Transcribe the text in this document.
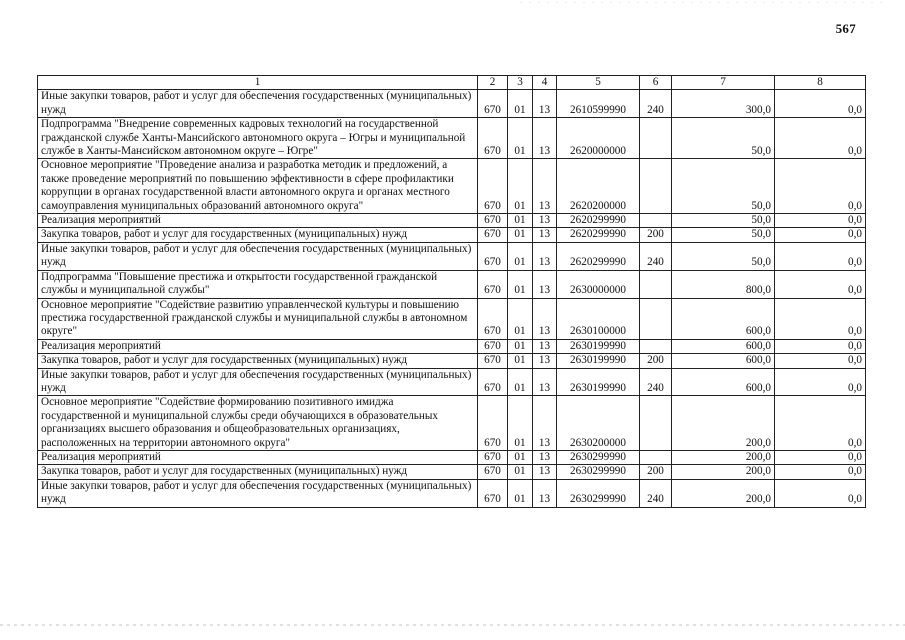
567
1	2	3	4	5	6	7	8
Иные закупки товаров, работ и услуг для обеспечения государственных (муниципальных) нужд	670	01	13	2610599990	240	300,0	0,0
Подпрограмма "Внедрение современных кадровых технологий на государственной гражданской службе Ханты-Мансийского автономного округа – Югры и муниципальной службе в Ханты-Мансийском автономном округе – Югре"	670	01	13	2620000000		50,0	0,0
Основное мероприятие "Проведение анализа и разработка методик и предложений, а также проведение мероприятий по повышению эффективности в сфере профилактики коррупции в органах государственной власти автономного округа и органах местного самоуправления муниципальных образований автономного округа"	670	01	13	2620200000		50,0	0,0
Реализация мероприятий	670	01	13	2620299990		50,0	0,0
Закупка товаров, работ и услуг для государственных (муниципальных) нужд	670	01	13	2620299990	200	50,0	0,0
Иные закупки товаров, работ и услуг для обеспечения государственных (муниципальных) нужд	670	01	13	2620299990	240	50,0	0,0
Подпрограмма "Повышение престижа и открытости государственной гражданской службы и муниципальной службы"	670	01	13	2630000000		800,0	0,0
Основное мероприятие "Содействие развитию управленческой культуры и повышению престижа государственной гражданской службы и муниципальной службы в автономном округе"	670	01	13	2630100000		600,0	0,0
Реализация мероприятий	670	01	13	2630199990		600,0	0,0
Закупка товаров, работ и услуг для государственных (муниципальных) нужд	670	01	13	2630199990	200	600,0	0,0
Иные закупки товаров, работ и услуг для обеспечения государственных (муниципальных) нужд	670	01	13	2630199990	240	600,0	0,0
Основное мероприятие "Содействие формированию позитивного имиджа государственной и муниципальной службы среди обучающихся в образовательных организациях высшего образования и общеобразовательных организациях, расположенных на территории автономного округа"	670	01	13	2630200000		200,0	0,0
Реализация мероприятий	670	01	13	2630299990		200,0	0,0
Закупка товаров, работ и услуг для государственных (муниципальных) нужд	670	01	13	2630299990	200	200,0	0,0
Иные закупки товаров, работ и услуг для обеспечения государственных (муниципальных) нужд	670	01	13	2630299990	240	200,0	0,0
